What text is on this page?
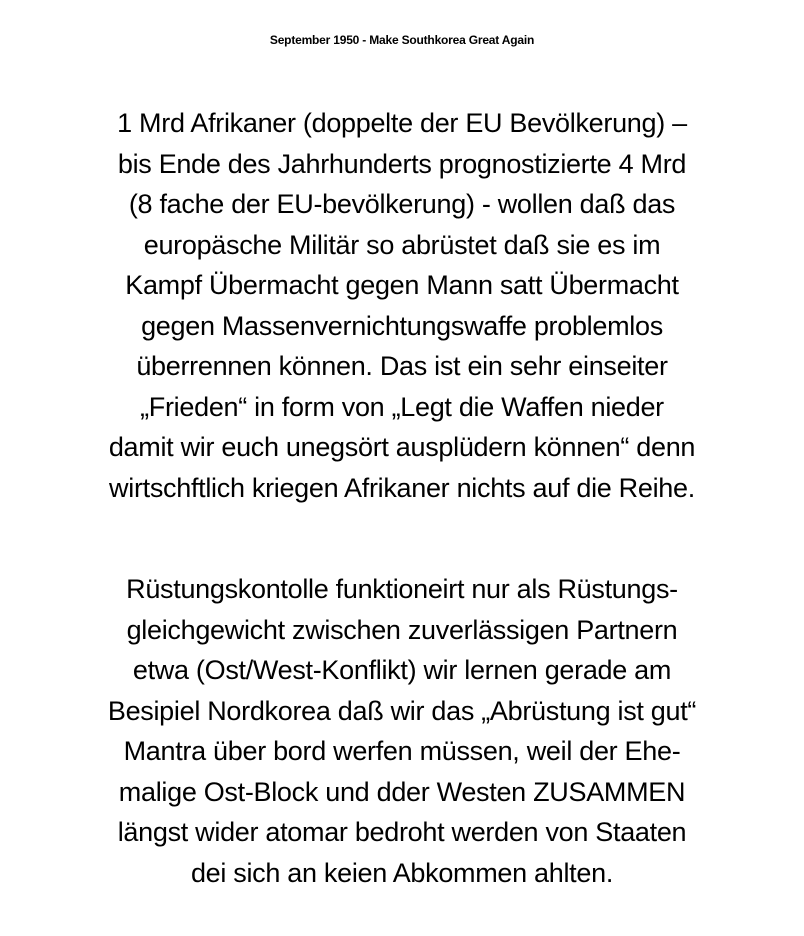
September 1950 - Make Southkorea Great Again
1 Mrd Afrikaner (doppelte der EU Bevölkerung) –
bis Ende des Jahrhunderts prognostizierte 4 Mrd
(8 fache der EU-bevölkerung) - wollen daß das
europäsche Militär so abrüstet daß sie es im
Kampf Übermacht gegen Mann satt Übermacht
gegen Massenvernichtungswaffe problemlos
überrennen können. Das ist ein sehr einseiter
„Frieden“ in form von „Legt die Waffen nieder
damit wir euch unegsört ausplüdern können“ denn
wirtschftlich kriegen Afrikaner nichts auf die Reihe.
Rüstungskontolle funktioneirt nur als Rüstungs-
gleichgewicht zwischen zuverlässigen Partnern
etwa (Ost/West-Konflikt) wir lernen gerade am
Besipiel Nordkorea daß wir das „Abrüstung ist gut“
Mantra über bord werfen müssen, weil der Ehe-
malige Ost-Block und dder Westen ZUSAMMEN
längst wider atomar bedroht werden von Staaten
dei sich an keien Abkommen ahlten.
